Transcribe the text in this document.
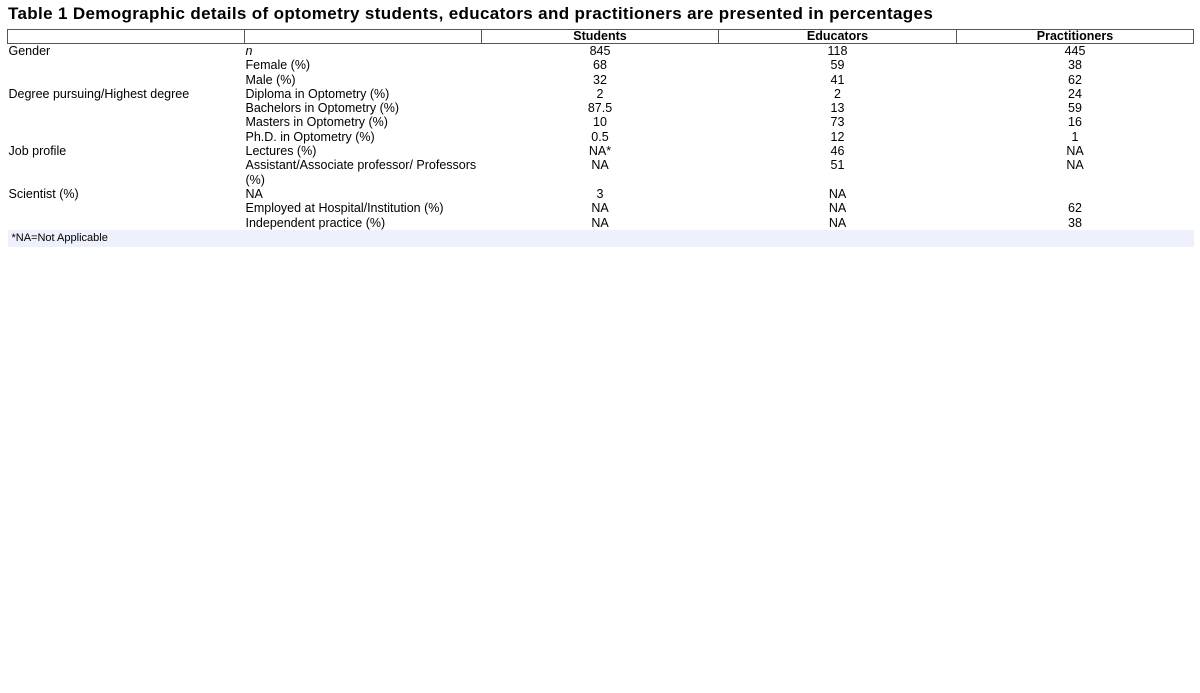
Table 1 Demographic details of optometry students, educators and practitioners are presented in percentages
		Students	Educators	Practitioners
Gender	n	845	118	445
	Female (%)	68	59	38
	Male (%)	32	41	62
Degree pursuing/Highest degree	Diploma in Optometry (%)	2	2	24
	Bachelors in Optometry (%)	87.5	13	59
	Masters in Optometry (%)	10	73	16
	Ph.D. in Optometry (%)	0.5	12	1
Job profile	Lectures (%)	NA*	46	NA
	Assistant/Associate professor/ Professors (%)	NA	51	NA
Scientist (%)	NA	3	NA	
	Employed at Hospital/Institution (%)	NA	NA	62
	Independent practice (%)	NA	NA	38
*NA=Not Applicable				
